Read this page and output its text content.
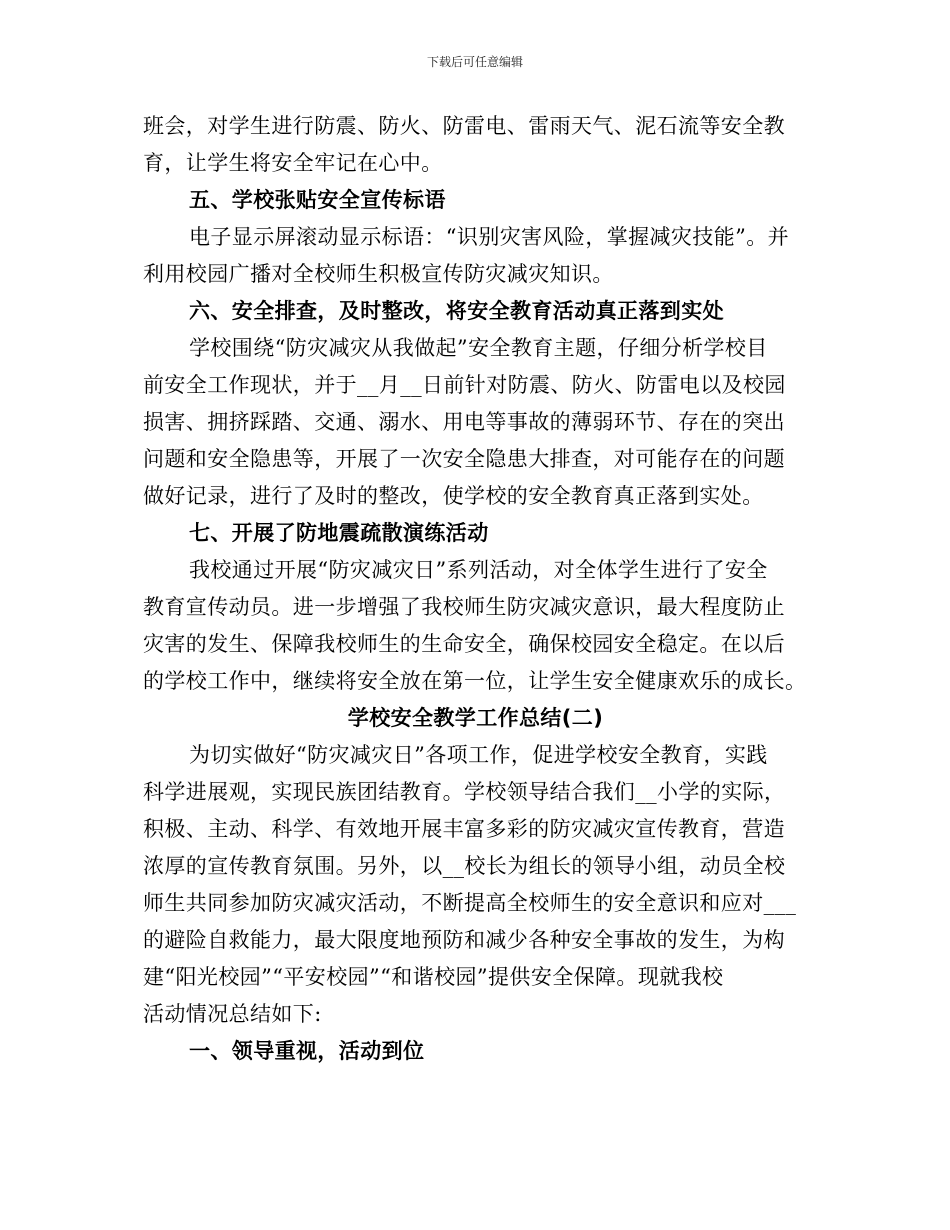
下载后可任意编辑
班会，对学生进行防震、防火、防雷电、雷雨天气、泥石流等安全教
育，让学生将安全牢记在心中。
五、学校张贴安全宣传标语
电子显示屏滚动显示标语：“识别灾害风险，掌握减灾技能”。并
利用校园广播对全校师生积极宣传防灾减灾知识。
六、安全排查，及时整改，将安全教育活动真正落到实处
学校围绕“防灾减灾从我做起”安全教育主题，仔细分析学校目
前安全工作现状，并于__月__日前针对防震、防火、防雷电以及校园
损害、拥挤踩踏、交通、溺水、用电等事故的薄弱环节、存在的突出
问题和安全隐患等，开展了一次安全隐患大排查，对可能存在的问题
做好记录，进行了及时的整改，使学校的安全教育真正落到实处。
七、开展了防地震疏散演练活动
我校通过开展“防灾减灾日”系列活动，对全体学生进行了安全
教育宣传动员。进一步增强了我校师生防灾减灾意识，最大程度防止
灾害的发生、保障我校师生的生命安全，确保校园安全稳定。在以后
的学校工作中，继续将安全放在第一位，让学生安全健康欢乐的成长。
学校安全教学工作总结(二)
为切实做好“防灾减灾日”各项工作，促进学校安全教育，实践
科学进展观，实现民族团结教育。学校领导结合我们__小学的实际，
积极、主动、科学、有效地开展丰富多彩的防灾减灾宣传教育，营造
浓厚的宣传教育氛围。另外，以__校长为组长的领导小组，动员全校
师生共同参加防灾减灾活动，不断提高全校师生的安全意识和应对___
的避险自救能力，最大限度地预防和减少各种安全事故的发生，为构
建“阳光校园”“平安校园”“和谐校园”提供安全保障。现就我校
活动情况总结如下:
一、领导重视，活动到位
